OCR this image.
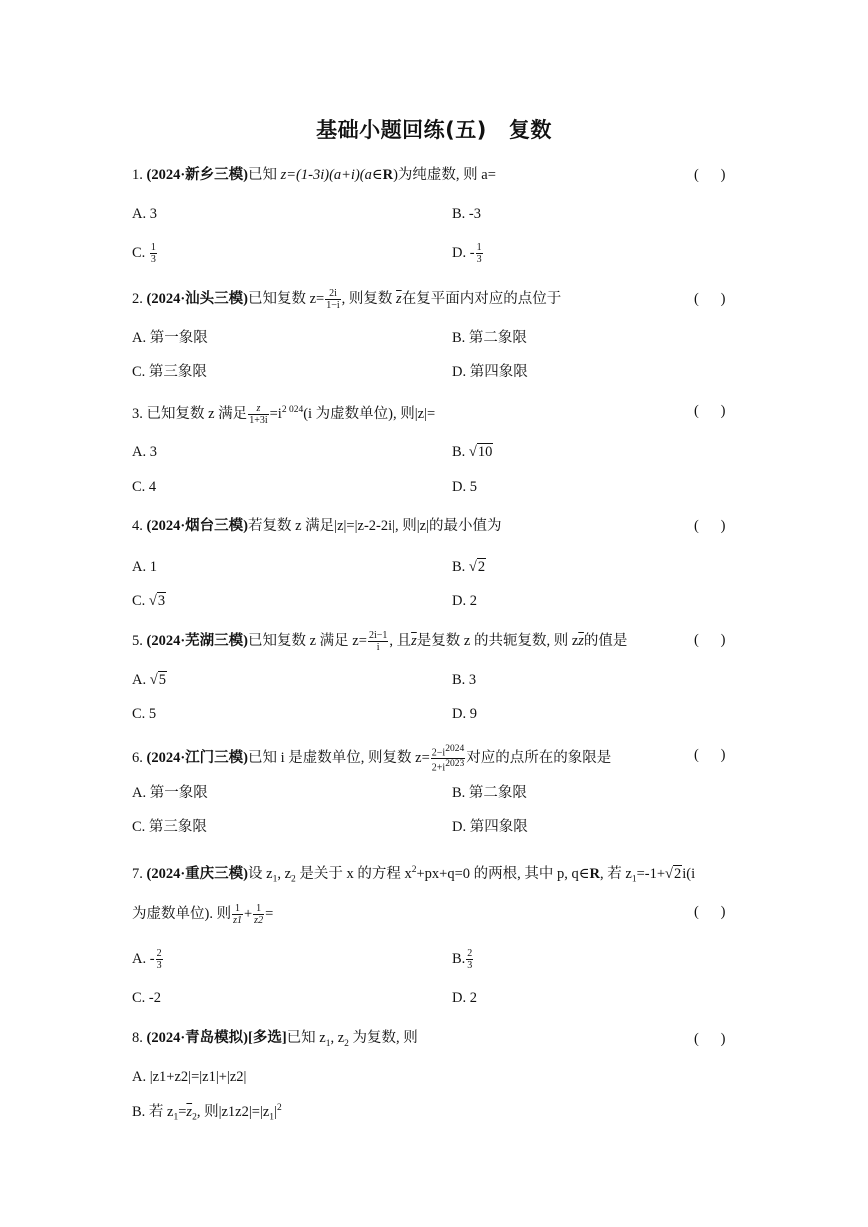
基础小题回练(五) 复数
1. (2024·新乡三模)已知 z=(1-3i)(a+i)(a∈R)为纯虚数, 则 a=	(      )
A. 3	B. -3
C. $\frac{1}{3}$	D. - $\frac{1}{3}$
2. (2024·汕头三模)已知复数 $z= \frac{2i}{1-i}$ , 则复数 $\overline{z}$在复平面内对应的点位于	(      )
A. 第一象限	B. 第二象限
C. 第三象限	D. 第四象限
3. 已知复数 z 满足 $\frac{z}{1+3i} =i^{2 024}(i$ 为虚数单位), 则|z|=	(      )
A. 3	B. √10
C. 4	D. 5
4. (2024·烟台三模)若复数 z 满足|z|=|z-2-2i|, 则|z|的最小值为	(      )
A. 1	B. √2
C. √3	D. 2
5. (2024·芜湖三模)已知复数 z 满足 $z= \frac{2i-1}{i}$ , 且$\overline{z}$是复数 z 的共轭复数, 则 $z\overline{z}$的值是	(      )
A. √5	B. 3
C. 5	D. 9
6. (2024·江门三模)已知 i 是虚数单位, 则复数 $z= \frac{2-i^{2024}}{2+i^{2023}}$ 对应的点所在的象限是	(      )
A. 第一象限	B. 第二象限
C. 第三象限	D. 第四象限
7. (2024·重庆三模)设 $z_1$, $z_2$ 是关于 x 的方程 $x^2+px+q=0$ 的两根, 其中 p, q∈R, 若 $z_1=-1+√2i(i$
为虚数单位). 则 $\frac{1}{z1} + \frac{1}{z2}$ =	(      )
A. - $\frac{2}{3}$	B. $\frac{2}{3}$
C. -2	D. 2
8. (2024·青岛模拟)[多选]已知 $z_1$, $z_2$ 为复数, 则	(      )
A. |z1+z2|=|z1|+|z2|
B. 若 $z_1=\overline{z}_2$, 则$|z1z2|=|z_1|^2$
